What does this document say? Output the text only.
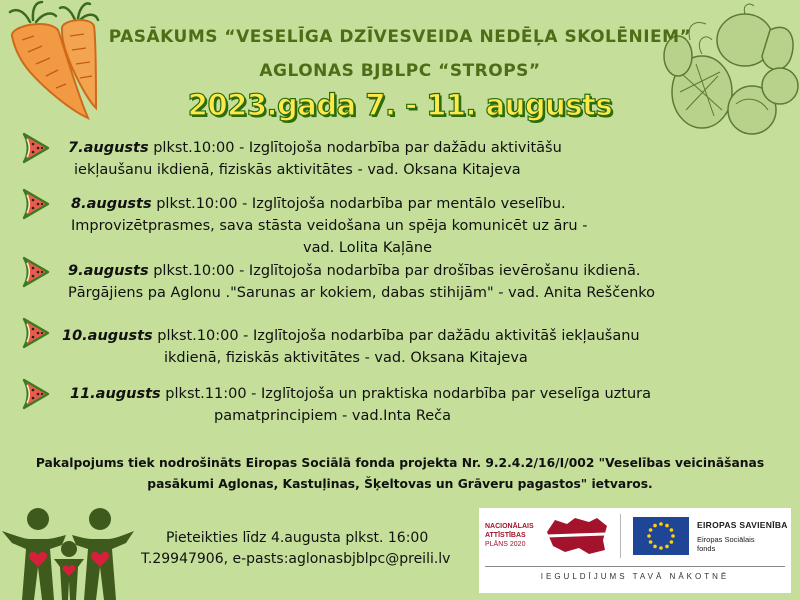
PASĀKUMS “VESELĪGA DZĪVESVEIDA NEDĒĻA SKOLĒNIEM”
AGLONAS BJBLPC “STROPS”
2023.gada 7. - 11. augusts
7.augusts plkst.10:00 - Izglītojoša nodarbība par dažādu aktivitāšu
iekļaušanu ikdienā, fiziskās aktivitātes - vad. Oksana Kitajeva
8.augusts plkst.10:00 - Izglītojoša nodarbība par mentālo veselību.
Improvizētprasmes, sava stāsta veidošana un spēja komunicēt uz āru -
vad. Lolita Kaļāne
9.augusts plkst.10:00 - Izglītojoša nodarbība par drošības ievērošanu ikdienā.
Pārgājiens pa Aglonu ."Sarunas ar kokiem, dabas stihijām" - vad. Anita Reščenko
10.augusts plkst.10:00 - Izglītojoša nodarbība par dažādu aktivitāš iekļaušanu
ikdienā, fiziskās aktivitātes - vad. Oksana Kitajeva
11.augusts plkst.11:00 - Izglītojoša un praktiska nodarbība par veselīga uztura
pamatprincipiem - vad.Inta Reča
Pakalpojums tiek nodrošināts Eiropas Sociālā fonda projekta Nr. 9.2.4.2/16/I/002 "Veselības veicināšanas
pasākumi Aglonas, Kastuļinas, Šķeltovas un Grāveru pagastos" ietvaros.
Pieteikties līdz 4.augusta plkst. 16:00
T.29947906, e-pasts:aglonasbjblpc@preili.lv
NACIONĀLAIS
ATTĪSTĪBAS
PLĀNS 2020
EIROPAS SAVIENĪBA
Eiropas Sociālais
fonds
IEGULDĪJUMS TAVĀ NĀKOTNĒ
